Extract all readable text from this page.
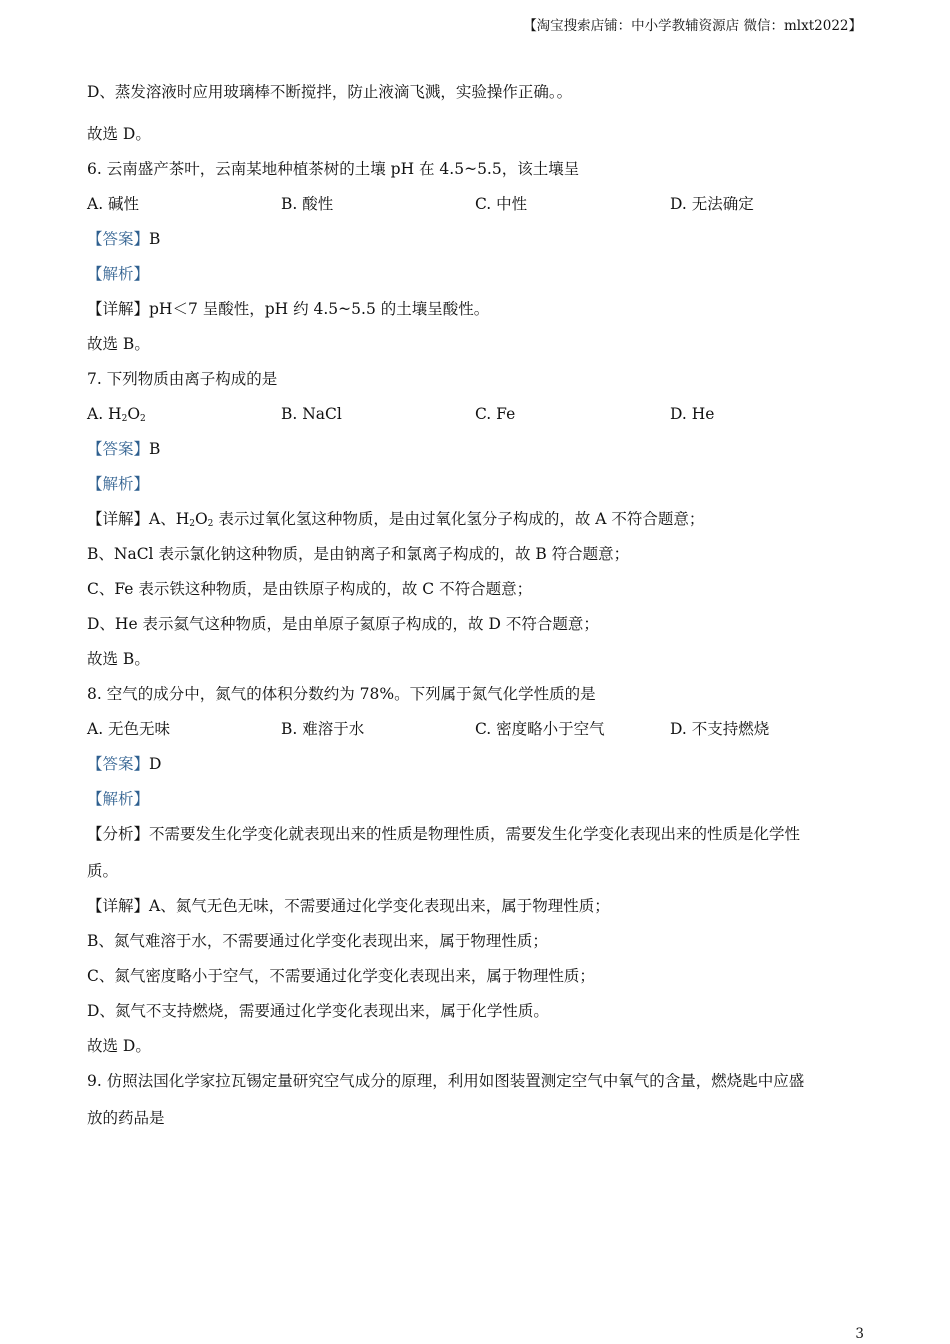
【淘宝搜索店铺：中小学教辅资源店 微信：mlxt2022】
D、蒸发溶液时应用玻璃棒不断搅拌，防止液滴飞溅，实验操作正确。。
故选 D。
6. 云南盛产茶叶，云南某地种植茶树的土壤 pH 在 4.5~5.5，该土壤呈
A. 碱性	B. 酸性	C. 中性	D. 无法确定
【答案】B
【解析】
【详解】pH＜7 呈酸性，pH 约 4.5~5.5 的土壤呈酸性。
故选 B。
7. 下列物质由离子构成的是
A. $H_2O_2$	B. NaCl	C. Fe	D. He
【答案】B
【解析】
【详解】A、$H_2O_2$ 表示过氧化氢这种物质，是由过氧化氢分子构成的，故 A 不符合题意；
B、NaCl 表示氯化钠这种物质，是由钠离子和氯离子构成的，故 B 符合题意；
C、Fe 表示铁这种物质，是由铁原子构成的，故 C 不符合题意；
D、He 表示氦气这种物质，是由单原子氦原子构成的，故 D 不符合题意；
故选 B。
8. 空气的成分中，氮气的体积分数约为 78%。下列属于氮气化学性质的是
A. 无色无味	B. 难溶于水	C. 密度略小于空气	D. 不支持燃烧
【答案】D
【解析】
【分析】不需要发生化学变化就表现出来的性质是物理性质，需要发生化学变化表现出来的性质是化学性
质。
【详解】A、氮气无色无味，不需要通过化学变化表现出来，属于物理性质；
B、氮气难溶于水，不需要通过化学变化表现出来，属于物理性质；
C、氮气密度略小于空气，不需要通过化学变化表现出来，属于物理性质；
D、氮气不支持燃烧，需要通过化学变化表现出来，属于化学性质。
故选 D。
9. 仿照法国化学家拉瓦锡定量研究空气成分的原理，利用如图装置测定空气中氧气的含量，燃烧匙中应盛
放的药品是
3
